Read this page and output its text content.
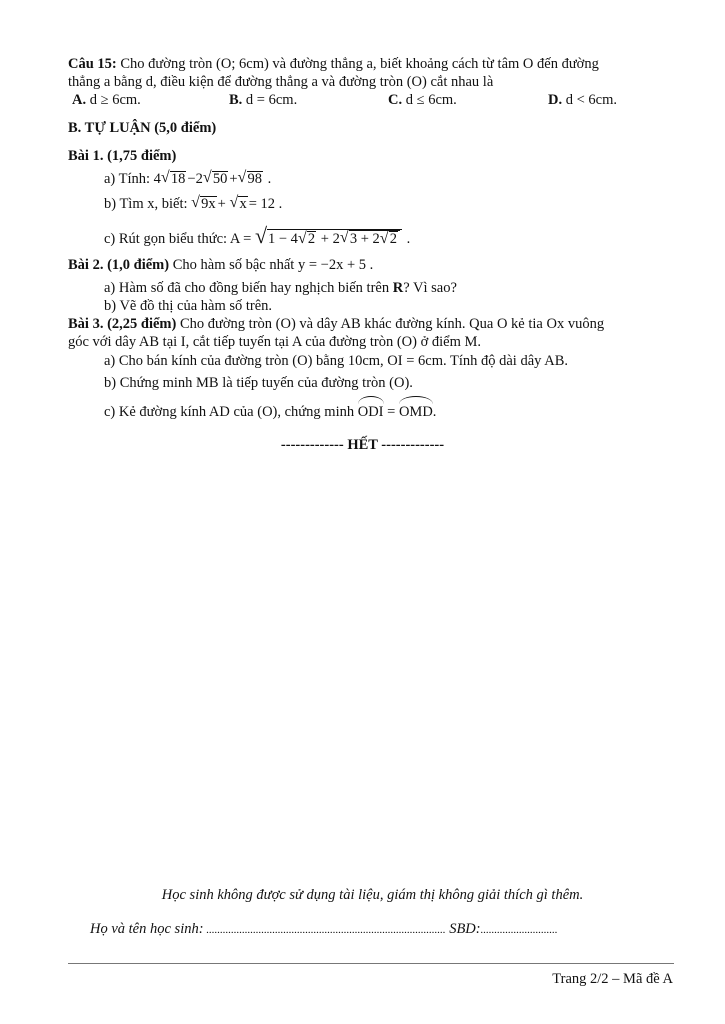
Câu 15: Cho đường tròn (O; 6cm) và đường thẳng a, biết khoảng cách từ tâm O đến đường
thẳng a bằng d, điều kiện để đường thẳng a và đường tròn (O) cắt nhau là
A. d ≥ 6cm.	B. d = 6cm.	C. d ≤ 6cm.	D. d < 6cm.
B. TỰ LUẬN (5,0 điểm)
Bài 1. (1,75 điểm)
a) Tính: 4 √ 18 −2 √ 50 + √ 98 .
b) Tìm x, biết: √ 9x + √ x = 12 .
c) Rút gọn biểu thức: A = √ 1 − 4 √ 2 + 2 √ 3 + 2 √ 2 .
Bài 2. (1,0 điểm) Cho hàm số bậc nhất y = −2x + 5 .
a) Hàm số đã cho đồng biến hay nghịch biến trên R? Vì sao?
b) Vẽ đồ thị của hàm số trên.
Bài 3. (2,25 điểm) Cho đường tròn (O) và dây AB khác đường kính. Qua O kẻ tia Ox vuông
góc với dây AB tại I, cắt tiếp tuyến tại A của đường tròn (O) ở điểm M.
a) Cho bán kính của đường tròn (O) bằng 10cm, OI = 6cm. Tính độ dài dây AB.
b) Chứng minh MB là tiếp tuyến của đường tròn (O).
c) Kẻ đường kính AD của (O), chứng minh
ODI =
OMD.
------------- HẾT -------------
Học sinh không được sử dụng tài liệu, giám thị không giải thích gì thêm.
Họ và tên học sinh: ....................................................................................... SBD:............................
Trang 2/2 – Mã đề A
